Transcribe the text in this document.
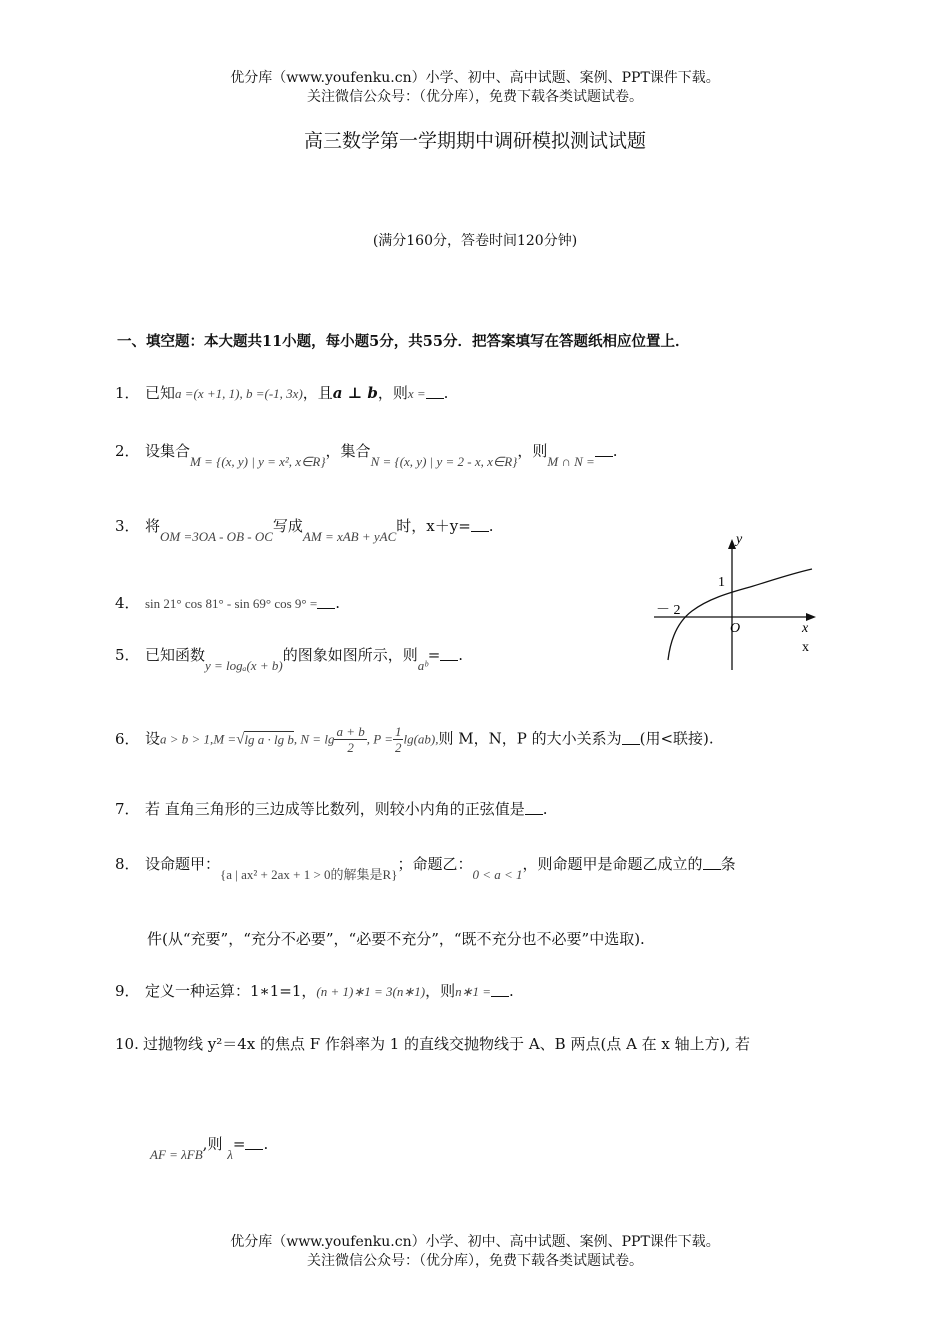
优分库（www.youfenku.cn）小学、初中、高中试题、案例、PPT课件下载。
关注微信公众号：（优分库），免费下载各类试题试卷。
高三数学第一学期期中调研模拟测试试题
(满分160分，答卷时间120分钟)
一、填空题：本大题共11小题，每小题5分，共55分．把答案填写在答题纸相应位置上．
1． 已知a =(x +1, 1), b =(-1, 3x)，且a ⊥ b，则x = .
2． 设集合M = {(x, y) | y = x², x∈R}，集合N = {(x, y) | y = 2 - x, x∈R}，则M ∩ N =.
3． 将OM =3OA - OB - OC写成AM = xAB + yAC时，x＋y= .
4． sin 21° cos 81° - sin 69° cos 9° = .
5． 已知函数y = logₐ(x + b)的图象如图所示，则aᵇ= .
y
x
x
O
1
－ 2
6． 设a > b > 1,M =√lg a · lg b, $N = \lg \frac{a + b}{2}$ , $P = \frac{1}{2} \lg(ab)$,则 M，N，P 的大小关系为 (用<联接).
7． 若 直角三角形的三边成等比数列，则较小内角的正弦值是 .
8． 设命题甲：{a | ax² + 2ax + 1 > 0的解集是R}；命题乙：0 < a < 1，则命题甲是命题乙成立的 条
件(从“充要”，“充分不必要”，“必要不充分”，“既不充分也不必要”中选取).
9． 定义一种运算：1∗1=1，(n + 1)∗1 = 3(n∗1)，则n∗1 = .
10. 过抛物线 y²＝4x 的焦点 F 作斜率为 1 的直线交抛物线于 A、B 两点(点 A 在 x 轴上方), 若
AF = λFB,则 λ= .
优分库（www.youfenku.cn）小学、初中、高中试题、案例、PPT课件下载。
关注微信公众号：（优分库），免费下载各类试题试卷。
